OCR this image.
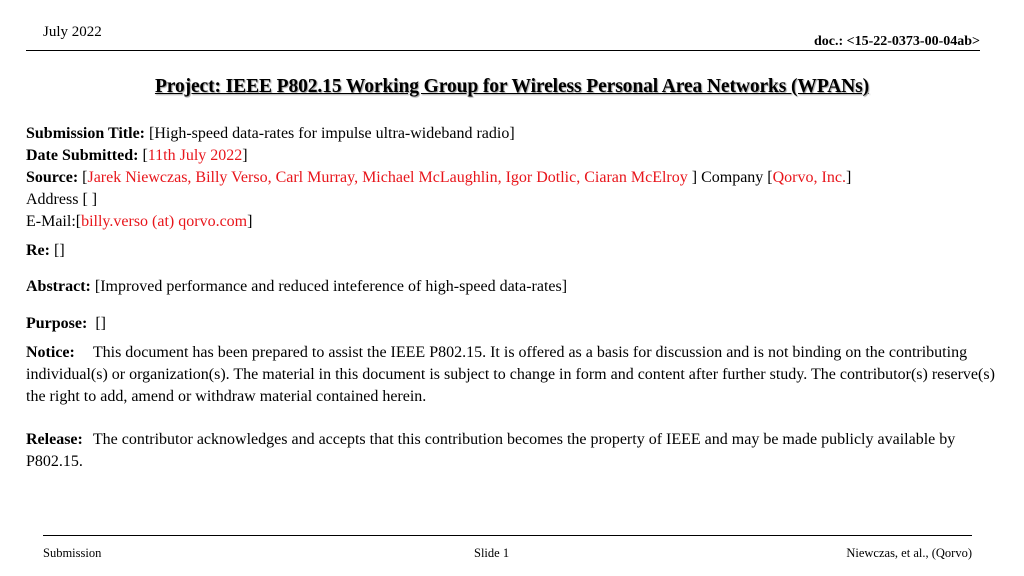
July 2022
doc.: <15-22-0373-00-04ab>
Project: IEEE P802.15 Working Group for Wireless Personal Area Networks (WPANs)
Submission Title: [High-speed data-rates for impulse ultra-wideband radio]
Date Submitted: [11th July 2022]
Source: [Jarek Niewczas, Billy Verso, Carl Murray, Michael McLaughlin, Igor Dotlic, Ciaran McElroy ] Company [Qorvo, Inc.]
Address [ ]
E-Mail:[billy.verso (at) qorvo.com]
Re: []
Abstract: [Improved performance and reduced inteference of high-speed data-rates]
Purpose: []
Notice: This document has been prepared to assist the IEEE P802.15. It is offered as a basis for discussion and is not binding on the contributing individual(s) or organization(s). The material in this document is subject to change in form and content after further study. The contributor(s) reserve(s) the right to add, amend or withdraw material contained herein.
Release: The contributor acknowledges and accepts that this contribution becomes the property of IEEE and may be made publicly available by P802.15.
Submission	Slide 1	Niewczas, et al., (Qorvo)
